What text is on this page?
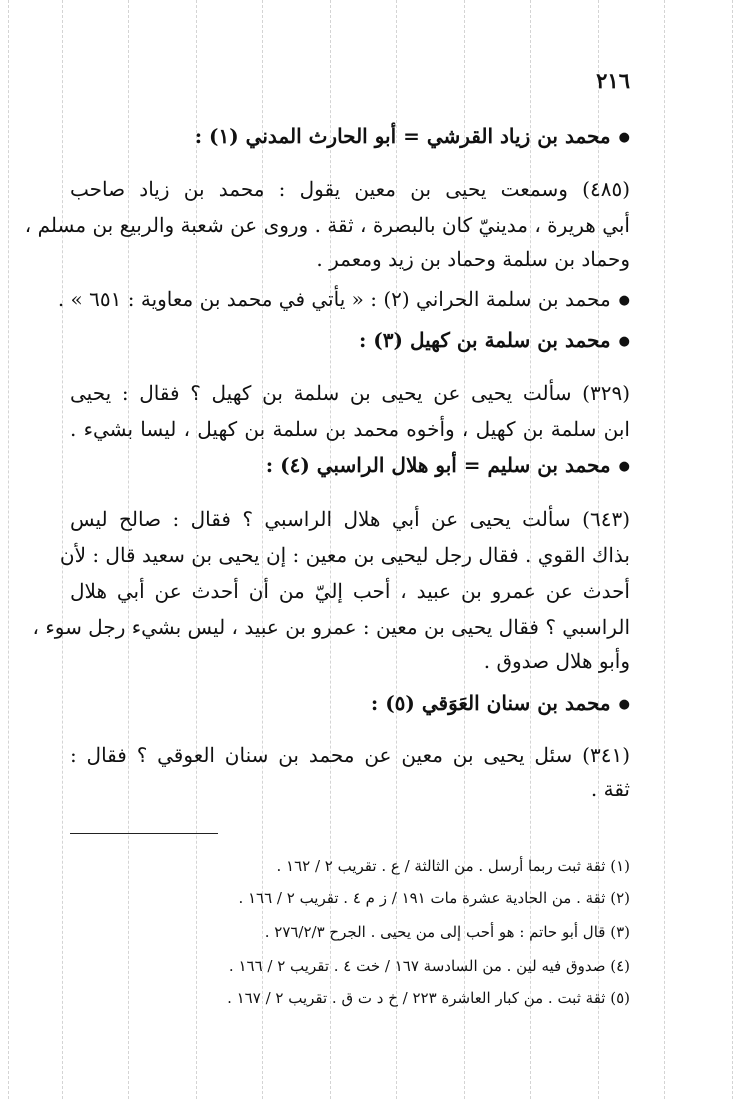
٢١٦
●محمد بن زياد القرشي = أبو الحارث المدني (١) :
(٤٨٥) وسمعت يحيى بن معين يقول : محمد بن زياد صاحب
أبي هريرة ، مدينيّ كان بالبصرة ، ثقة . وروى عن شعبة والربيع بن مسلم ،
وحماد بن سلمة وحماد بن زيد ومعمر .
●محمد بن سلمة الحراني (٢) : « يأتي في محمد بن معاوية : ٦٥١ » .
●محمد بن سلمة بن كهيل (٣) :
(٣٢٩) سألت يحيى عن يحيى بن سلمة بن كهيل ؟ فقال : يحيى
ابن سلمة بن كهيل ، وأخوه محمد بن سلمة بن كهيل ، ليسا بشيء .
●محمد بن سليم = أبو هلال الراسبي (٤) :
(٦٤٣) سألت يحيى عن أبي هلال الراسبي ؟ فقال : صالح ليس
بذاك القوي . فقال رجل ليحيى بن معين : إن يحيى بن سعيد قال : لأن
أحدث عن عمرو بن عبيد ، أحب إليّ من أن أحدث عن أبي هلال
الراسبي ؟ فقال يحيى بن معين : عمرو بن عبيد ، ليس بشيء رجل سوء ،
وأبو هلال صدوق .
●محمد بن سنان العَوَقي (٥) :
(٣٤١) سئل يحيى بن معين عن محمد بن سنان العوقي ؟ فقال :
ثقة .
(١) ثقة ثبت ربما أرسل . من الثالثة / ع . تقريب ٢ / ١٦٢ .
(٢) ثقة . من الحادية عشرة مات ١٩١ / ز م ٤ . تقريب ٢ / ١٦٦ .
(٣) قال أبو حاتم : هو أحب إلى من يحيى . الجرح ٢٧٦/٢/٣ .
(٤) صدوق فيه لين . من السادسة ١٦٧ / خت ٤ . تقريب ٢ / ١٦٦ .
(٥) ثقة ثبت . من كبار العاشرة ٢٢٣ / خ د ت ق . تقريب ٢ / ١٦٧ .
